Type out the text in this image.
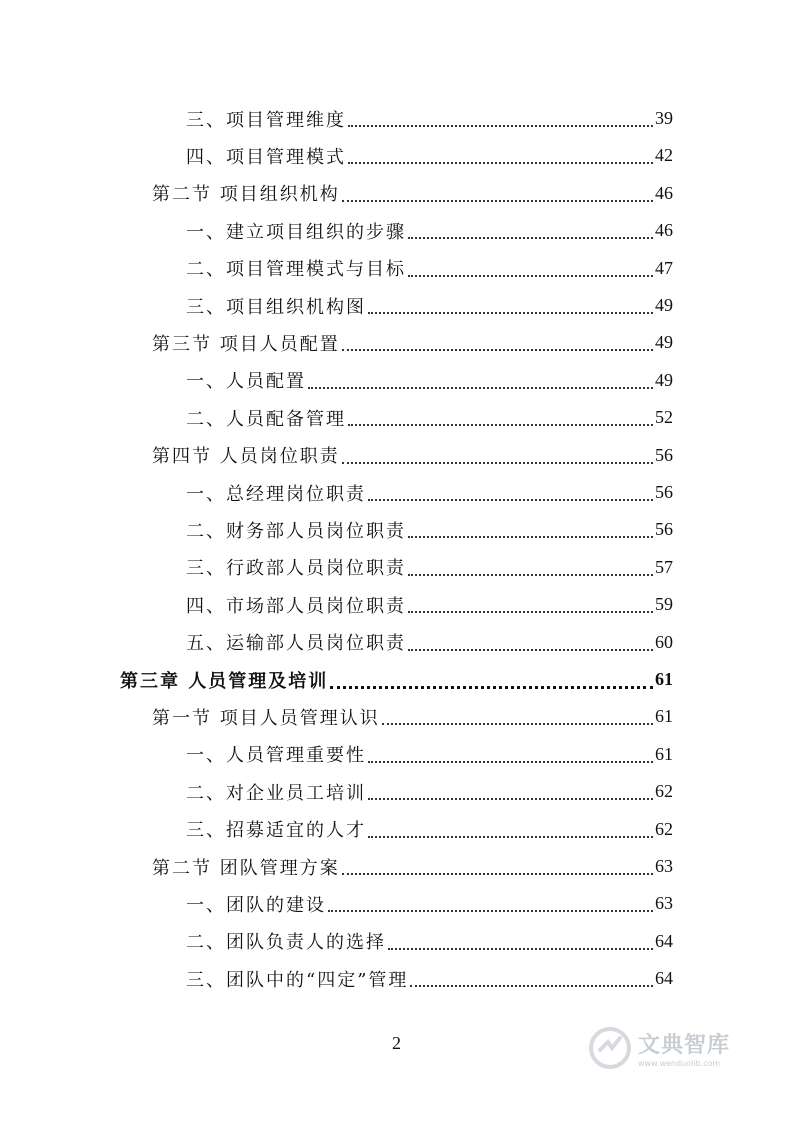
三、项目管理维度	39
四、项目管理模式	42
第二节 项目组织机构	46
一、建立项目组织的步骤	46
二、项目管理模式与目标	47
三、项目组织机构图	49
第三节 项目人员配置	49
一、人员配置	49
二、人员配备管理	52
第四节 人员岗位职责	56
一、总经理岗位职责	56
二、财务部人员岗位职责	56
三、行政部人员岗位职责	57
四、市场部人员岗位职责	59
五、运输部人员岗位职责	60
第三章 人员管理及培训	61
第一节 项目人员管理认识	61
一、人员管理重要性	61
二、对企业员工培训	62
三、招募适宜的人才	62
第二节 团队管理方案	63
一、团队的建设	63
二、团队负责人的选择	64
三、团队中的“四定”管理	64
2	文典智库
www.wenduolib.com
